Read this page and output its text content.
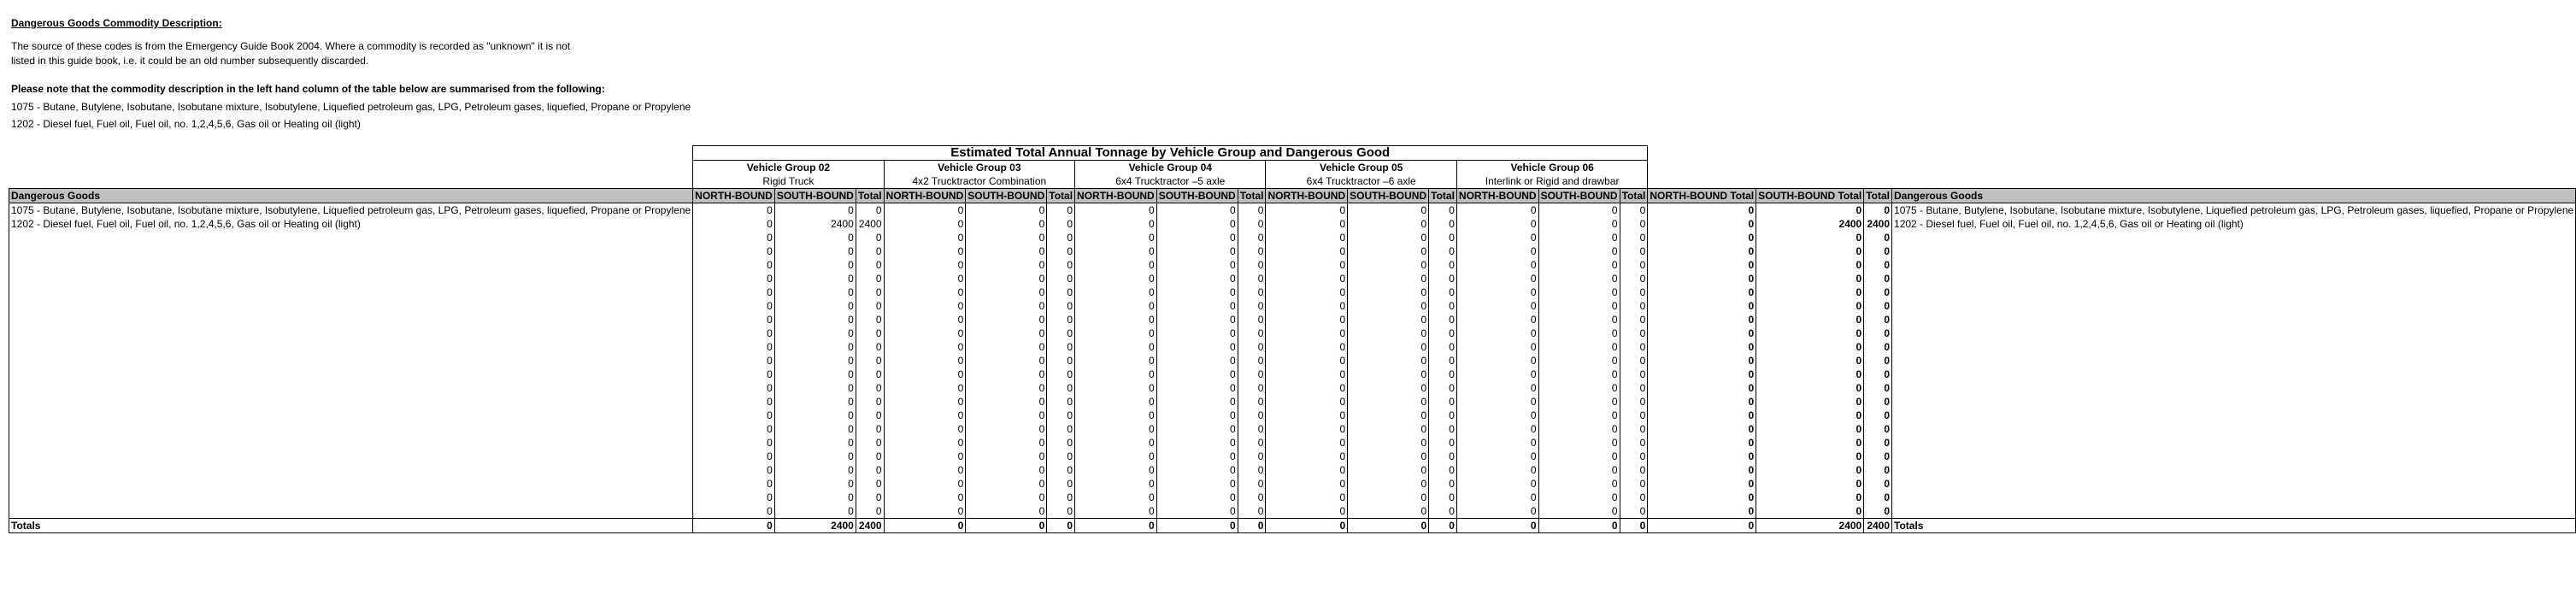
Dangerous Goods Commodity Description:
The source of these codes is from the Emergency Guide Book 2004. Where a commodity is recorded as "unknown" it is not
listed in this guide book, i.e. it could be an old number subsequently discarded.
Please note that the commodity description in the left hand column of the table below are summarised from the following:
1075 - Butane, Butylene, Isobutane, Isobutane mixture, Isobutylene, Liquefied petroleum gas, LPG, Petroleum gases, liquefied, Propane or Propylene
1202 - Diesel fuel, Fuel oil, Fuel oil, no. 1,2,4,5,6, Gas oil or Heating oil (light)
	Estimated Total Annual Tonnage by Vehicle Group and Dangerous Good																		
	Vehicle Group 02			Vehicle Group 03			Vehicle Group 04			Vehicle Group 05			Vehicle Group 06						
	Rigid Truck			4x2 Trucktractor Combination			6x4 Trucktractor –5 axle			6x4 Trucktractor –6 axle			Interlink or Rigid and drawbar						
Dangerous Goods	NORTH-BOUND	SOUTH-BOUND	Total	NORTH-BOUND	SOUTH-BOUND	Total	NORTH-BOUND	SOUTH-BOUND	Total	NORTH-BOUND	SOUTH-BOUND	Total	NORTH-BOUND	SOUTH-BOUND	Total	NORTH-BOUND Total	SOUTH-BOUND Total	Total	Dangerous Goods
1075 - Butane, Butylene, Isobutane, Isobutane mixture, Isobutylene, Liquefied petroleum gas, LPG, Petroleum gases, liquefied, Propane or Propylene	0	0	0	0	0	0	0	0	0	0	0	0	0	0	0	0	0	0	1075 - Butane, Butylene, Isobutane, Isobutane mixture, Isobutylene, Liquefied petroleum gas, LPG, Petroleum gases, liquefied, Propane or Propylene
1202 - Diesel fuel, Fuel oil, Fuel oil, no. 1,2,4,5,6, Gas oil or Heating oil (light)	0	2400	2400	0	0	0	0	0	0	0	0	0	0	0	0	0	2400	2400	1202 - Diesel fuel, Fuel oil, Fuel oil, no. 1,2,4,5,6, Gas oil or Heating oil (light)
	0	0	0	0	0	0	0	0	0	0	0	0	0	0	0	0	0	0	
	0	0	0	0	0	0	0	0	0	0	0	0	0	0	0	0	0	0	
	0	0	0	0	0	0	0	0	0	0	0	0	0	0	0	0	0	0	
	0	0	0	0	0	0	0	0	0	0	0	0	0	0	0	0	0	0	
	0	0	0	0	0	0	0	0	0	0	0	0	0	0	0	0	0	0	
	0	0	0	0	0	0	0	0	0	0	0	0	0	0	0	0	0	0	
	0	0	0	0	0	0	0	0	0	0	0	0	0	0	0	0	0	0	
	0	0	0	0	0	0	0	0	0	0	0	0	0	0	0	0	0	0	
	0	0	0	0	0	0	0	0	0	0	0	0	0	0	0	0	0	0	
	0	0	0	0	0	0	0	0	0	0	0	0	0	0	0	0	0	0	
	0	0	0	0	0	0	0	0	0	0	0	0	0	0	0	0	0	0	
	0	0	0	0	0	0	0	0	0	0	0	0	0	0	0	0	0	0	
	0	0	0	0	0	0	0	0	0	0	0	0	0	0	0	0	0	0	
	0	0	0	0	0	0	0	0	0	0	0	0	0	0	0	0	0	0	
	0	0	0	0	0	0	0	0	0	0	0	0	0	0	0	0	0	0	
	0	0	0	0	0	0	0	0	0	0	0	0	0	0	0	0	0	0	
	0	0	0	0	0	0	0	0	0	0	0	0	0	0	0	0	0	0	
	0	0	0	0	0	0	0	0	0	0	0	0	0	0	0	0	0	0	
	0	0	0	0	0	0	0	0	0	0	0	0	0	0	0	0	0	0	
	0	0	0	0	0	0	0	0	0	0	0	0	0	0	0	0	0	0	
	0	0	0	0	0	0	0	0	0	0	0	0	0	0	0	0	0	0	
Totals	0	2400	2400	0	0	0	0	0	0	0	0	0	0	0	0	0	2400	2400	Totals
